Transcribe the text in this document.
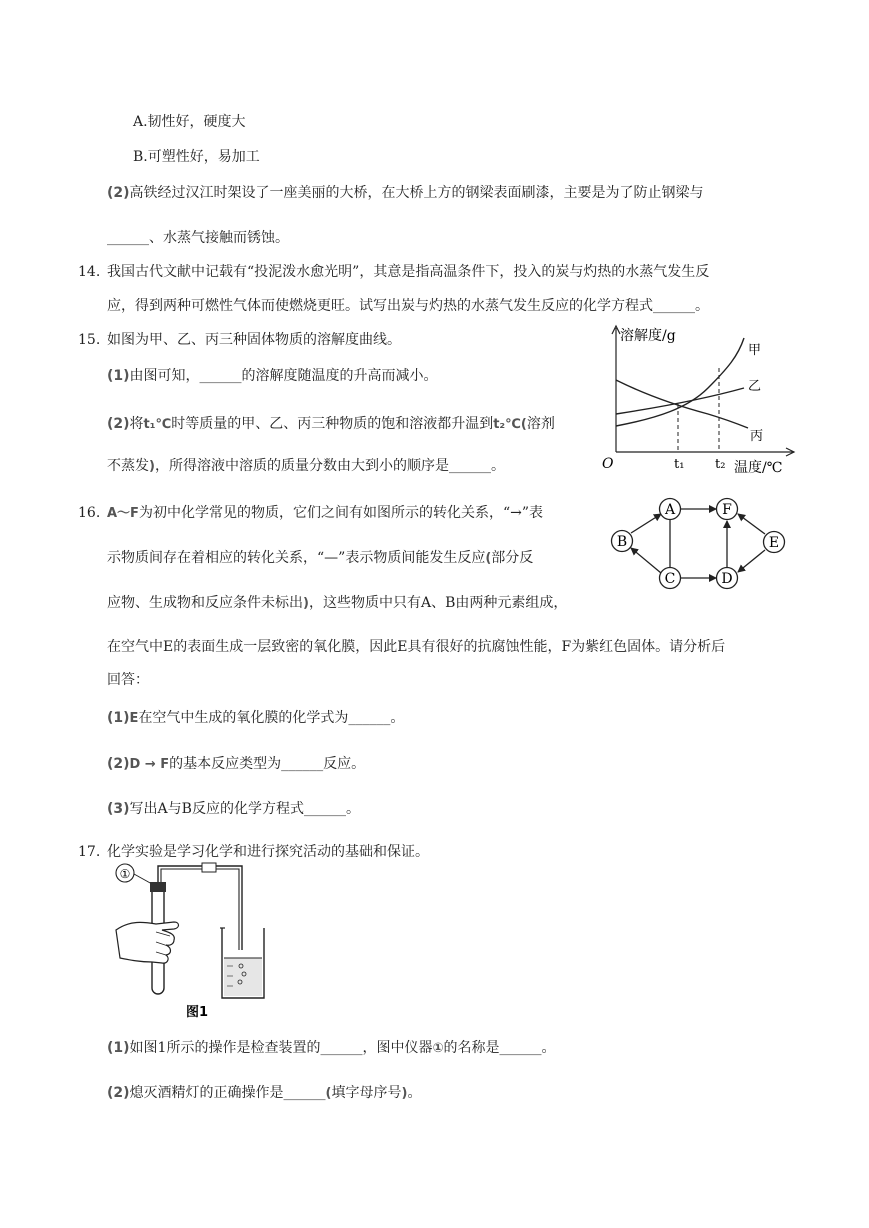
A.韧性好，硬度大
B.可塑性好，易加工
(2)高铁经过汉江时架设了一座美丽的大桥，在大桥上方的钢梁表面刷漆，主要是为了防止钢梁与
______、水蒸气接触而锈蚀。
14. 我国古代文献中记载有“投泥泼水愈光明”，其意是指高温条件下，投入的炭与灼热的水蒸气发生反
应，得到两种可燃性气体而使燃烧更旺。试写出炭与灼热的水蒸气发生反应的化学方程式______。
15. 如图为甲、乙、丙三种固体物质的溶解度曲线。
(1)由图可知，______的溶解度随温度的升高而减小。
(2)将t₁℃时等质量的甲、乙、丙三种物质的饱和溶液都升温到t₂℃(溶剂
不蒸发)，所得溶液中溶质的质量分数由大到小的顺序是______。
溶解度/g
甲
乙
丙
O	t₁ t₂ 温度/℃
16. A～F为初中化学常见的物质，它们之间有如图所示的转化关系，“→”表
示物质间存在着相应的转化关系，“—”表示物质间能发生反应(部分反
应物、生成物和反应条件未标出)，这些物质中只有A、B由两种元素组成，
在空气中E的表面生成一层致密的氧化膜，因此E具有很好的抗腐蚀性能，F为紫红色固体。请分析后
回答：
(1)E在空气中生成的氧化膜的化学式为______。
(2)D → F的基本反应类型为______反应。
(3)写出A与B反应的化学方程式______。
A
B
C	D
E
F
17. 化学实验是学习化学和进行探究活动的基础和保证。
①
图1
(1)如图1所示的操作是检查装置的______，图中仪器①的名称是______。
(2)熄灭酒精灯的正确操作是______(填字母序号)。
